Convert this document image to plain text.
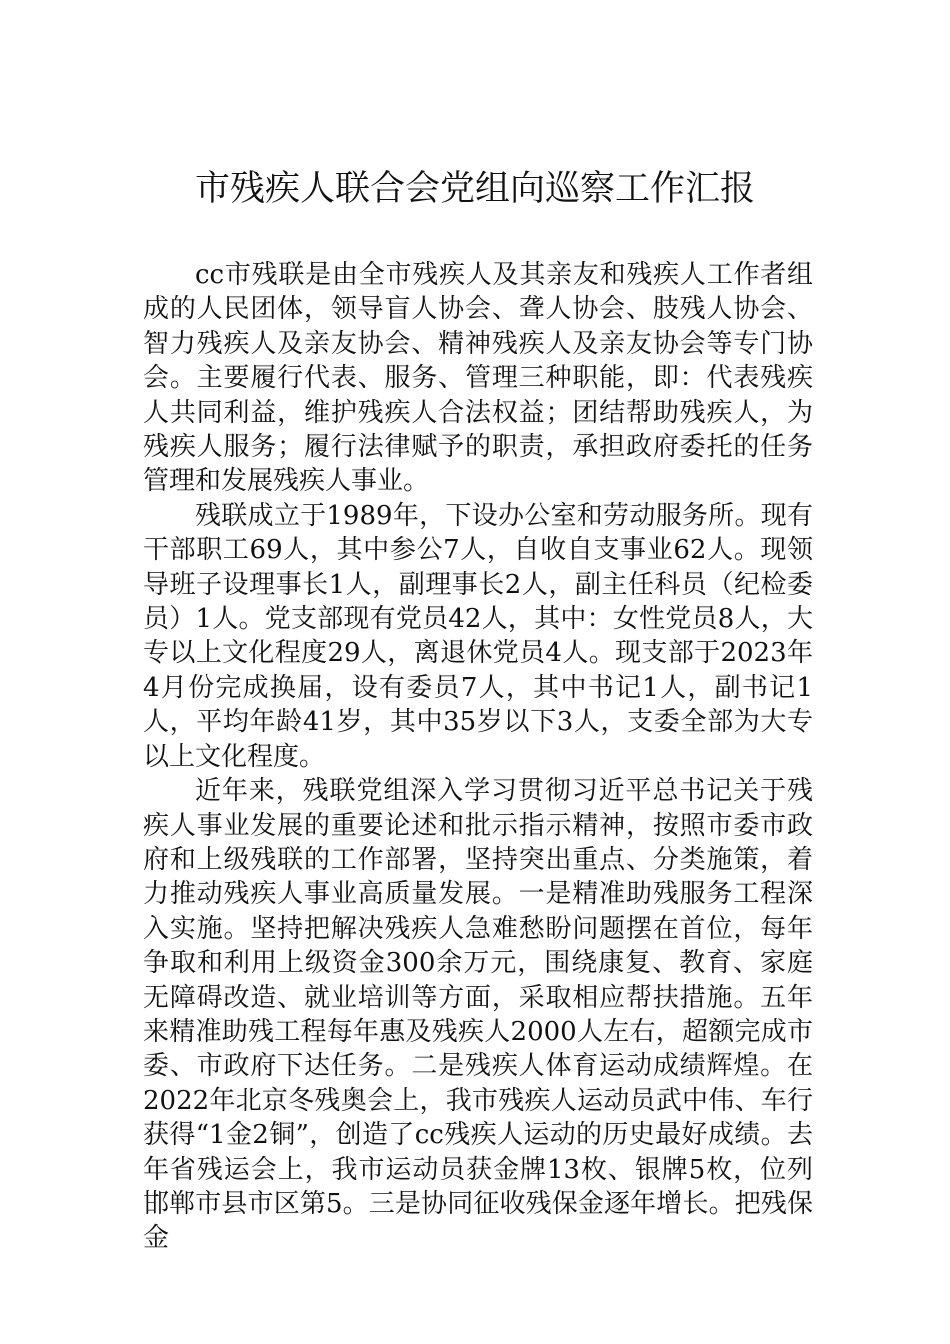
市残疾人联合会党组向巡察工作汇报

cc市残联是由全市残疾人及其亲友和残疾人工作者组成的人民团体，领导盲人协会、聋人协会、肢残人协会、智力残疾人及亲友协会、精神残疾人及亲友协会等专门协会。主要履行代表、服务、管理三种职能，即：代表残疾人共同利益，维护残疾人合法权益；团结帮助残疾人，为残疾人服务；履行法律赋予的职责，承担政府委托的任务管理和发展残疾人事业。

残联成立于1989年，下设办公室和劳动服务所。现有干部职工69人，其中参公7人，自收自支事业62人。现领导班子设理事长1人，副理事长2人，副主任科员（纪检委员）1人。党支部现有党员42人，其中：女性党员8人，大专以上文化程度29人，离退休党员4人。现支部于2023年4月份完成换届，设有委员7人，其中书记1人，副书记1人，平均年龄41岁，其中35岁以下3人，支委全部为大专以上文化程度。

近年来，残联党组深入学习贯彻习近平总书记关于残疾人事业发展的重要论述和批示指示精神，按照市委市政府和上级残联的工作部署，坚持突出重点、分类施策，着力推动残疾人事业高质量发展。一是精准助残服务工程深入实施。坚持把解决残疾人急难愁盼问题摆在首位，每年争取和利用上级资金300余万元，围绕康复、教育、家庭无障碍改造、就业培训等方面，采取相应帮扶措施。五年来精准助残工程每年惠及残疾人2000人左右，超额完成市委、市政府下达任务。二是残疾人体育运动成绩辉煌。在2022年北京冬残奥会上，我市残疾人运动员武中伟、车行获得“1金2铜”，创造了cc残疾人运动的历史最好成绩。去年省残运会上，我市运动员获金牌13枚、银牌5枚，位列邯郸市县市区第5。三是协同征收残保金逐年增长。把残保金
